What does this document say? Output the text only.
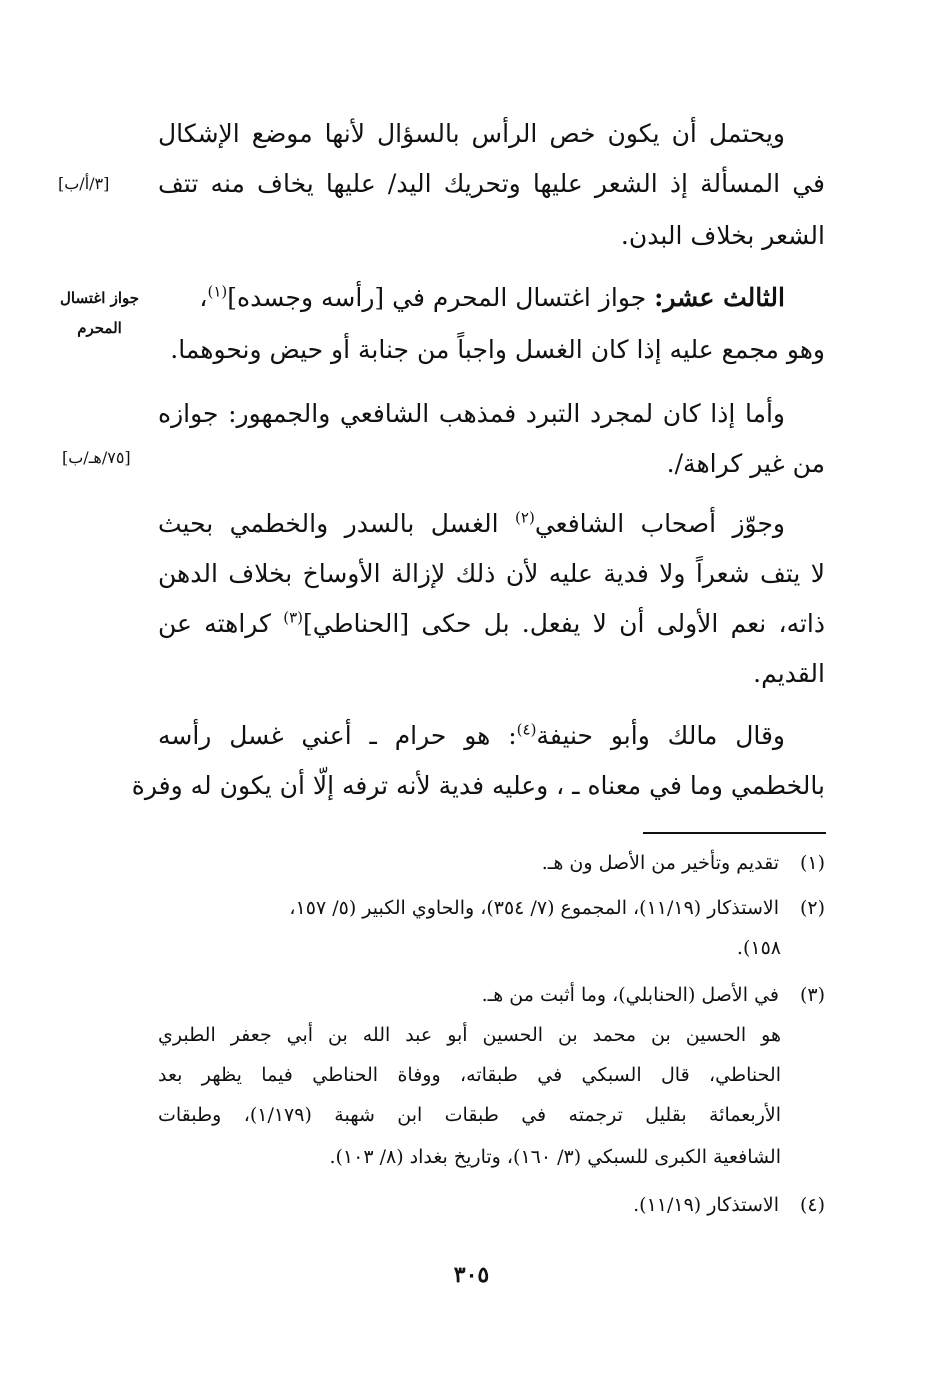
ويحتمل أن يكون خص الرأس بالسؤال لأنها موضع الإشكال
في المسألة إذ الشعر عليها وتحريك اليد/ عليها يخاف منه تتف
الشعر بخلاف البدن.
[٣/أ/ب]
الثالث عشر: جواز اغتسال المحرم في [رأسه وجسده]$^{(١)}$،
وهو مجمع عليه إذا كان الغسل واجباً من جنابة أو حيض ونحوهما.
جواز اغتسال
المحرم
وأما إذا كان لمجرد التبرد فمذهب الشافعي والجمهور: جوازه
من غير كراهة/.
[٧٥/هـ/ب]
وجوّز أصحاب الشافعي$^{(٢)}$ الغسل بالسدر والخطمي بحيث
لا يتف شعراً ولا فدية عليه لأن ذلك لإزالة الأوساخ بخلاف الدهن
ذاته، نعم الأولى أن لا يفعل. بل حكى [الحناطي]$^{(٣)}$ كراهته عن
القديم.
وقال مالك وأبو حنيفة$^{(٤)}$: هو حرام ـ أعني غسل رأسه
بالخطمي وما في معناه ـ ، وعليه فدية لأنه ترفه إلّا أن يكون له وفرة
(١)تقديم وتأخير من الأصل ون هـ.
(٢)الاستذكار (١١/١٩)، المجموع (٧/ ٣٥٤)، والحاوي الكبير (٥/ ١٥٧،
١٥٨).
(٣)في الأصل (الحنابلي)، وما أثبت من هـ.
هو الحسين بن محمد بن الحسين أبو عبد الله بن أبي جعفر الطبري
الحناطي، قال السبكي في طبقاته، ووفاة الحناطي فيما يظهر بعد
الأربعمائة بقليل ترجمته في طبقات ابن شهبة (١/١٧٩)، وطبقات
الشافعية الكبرى للسبكي (٣/ ١٦٠)، وتاريخ بغداد (٨/ ١٠٣).
(٤)الاستذكار (١١/١٩).
٣٠٥
